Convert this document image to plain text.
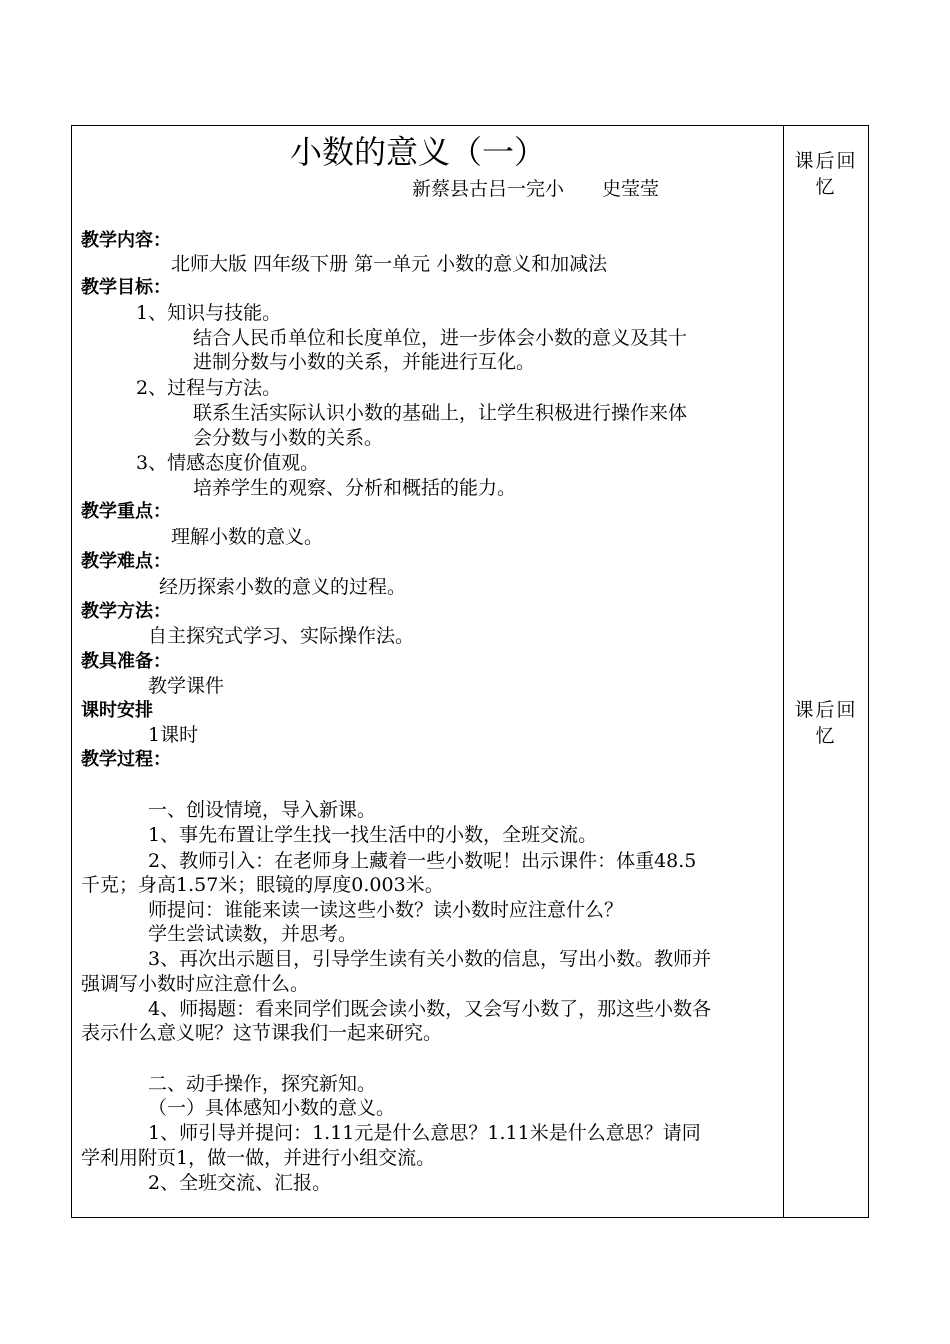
小数的意义（一）
新蔡县古吕一完小　　史莹莹
课后回
忆
课后回
忆
教学内容：
北师大版 四年级下册 第一单元 小数的意义和加减法
教学目标：
1、知识与技能。
结合人民币单位和长度单位，进一步体会小数的意义及其十
进制分数与小数的关系，并能进行互化。
2、过程与方法。
联系生活实际认识小数的基础上，让学生积极进行操作来体
会分数与小数的关系。
3、情感态度价值观。
培养学生的观察、分析和概括的能力。
教学重点：
理解小数的意义。
教学难点：
经历探索小数的意义的过程。
教学方法：
自主探究式学习、实际操作法。
教具准备：
教学课件
课时安排
1课时
教学过程：
一、创设情境，导入新课。
1、事先布置让学生找一找生活中的小数，全班交流。
2、教师引入：在老师身上藏着一些小数呢！出示课件：体重48.5
千克；身高1.57米；眼镜的厚度0.003米。
师提问：谁能来读一读这些小数？读小数时应注意什么？
学生尝试读数，并思考。
3、再次出示题目，引导学生读有关小数的信息，写出小数。教师并
强调写小数时应注意什么。
4、师揭题：看来同学们既会读小数，又会写小数了，那这些小数各
表示什么意义呢？这节课我们一起来研究。
二、动手操作，探究新知。
（一）具体感知小数的意义。
1、师引导并提问：1.11元是什么意思？1.11米是什么意思？请同
学利用附页1，做一做，并进行小组交流。
2、全班交流、汇报。
